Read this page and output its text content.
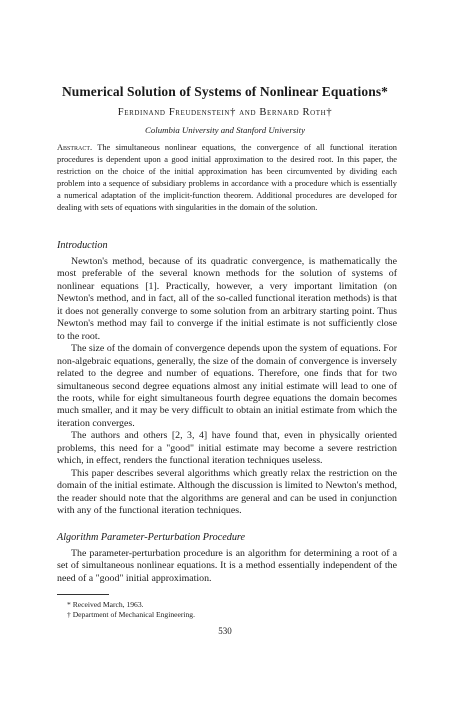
Numerical Solution of Systems of Nonlinear Equations*
Ferdinand Freudenstein† and Bernard Roth†
Columbia University and Stanford University

Abstract. The simultaneous nonlinear equations, the convergence of all functional iteration procedures is dependent upon a good initial approximation to the desired root. In this paper, the restriction on the choice of the initial approximation has been circumvented by dividing each problem into a sequence of subsidiary problems in accordance with a procedure which is essentially a numerical adaptation of the implicit-function theorem. Additional procedures are developed for dealing with sets of equations with singularities in the domain of the solution.

Introduction

Newton's method, because of its quadratic convergence, is mathematically the most preferable of the several known methods for the solution of systems of nonlinear equations [1]. Practically, however, a very important limitation (on Newton's method, and in fact, all of the so-called functional iteration methods) is that it does not generally converge to some solution from an arbitrary starting point. Thus Newton's method may fail to converge if the initial estimate is not sufficiently close to the root.

The size of the domain of convergence depends upon the system of equations. For non-algebraic equations, generally, the size of the domain of convergence is inversely related to the degree and number of equations. Therefore, one finds that for two simultaneous second degree equations almost any initial estimate will lead to one of the roots, while for eight simultaneous fourth degree equations the domain becomes much smaller, and it may be very difficult to obtain an initial estimate from which the iteration converges.

The authors and others [2, 3, 4] have found that, even in physically oriented problems, this need for a "good" initial estimate may become a severe restriction which, in effect, renders the functional iteration techniques useless.

This paper describes several algorithms which greatly relax the restriction on the domain of the initial estimate. Although the discussion is limited to Newton's method, the reader should note that the algorithms are general and can be used in conjunction with any of the functional iteration techniques.

Algorithm Parameter-Perturbation Procedure

The parameter-perturbation procedure is an algorithm for determining a root of a set of simultaneous nonlinear equations. It is a method essentially independent of the need of a "good" initial approximation.

* Received March, 1963.
† Department of Mechanical Engineering.
530
